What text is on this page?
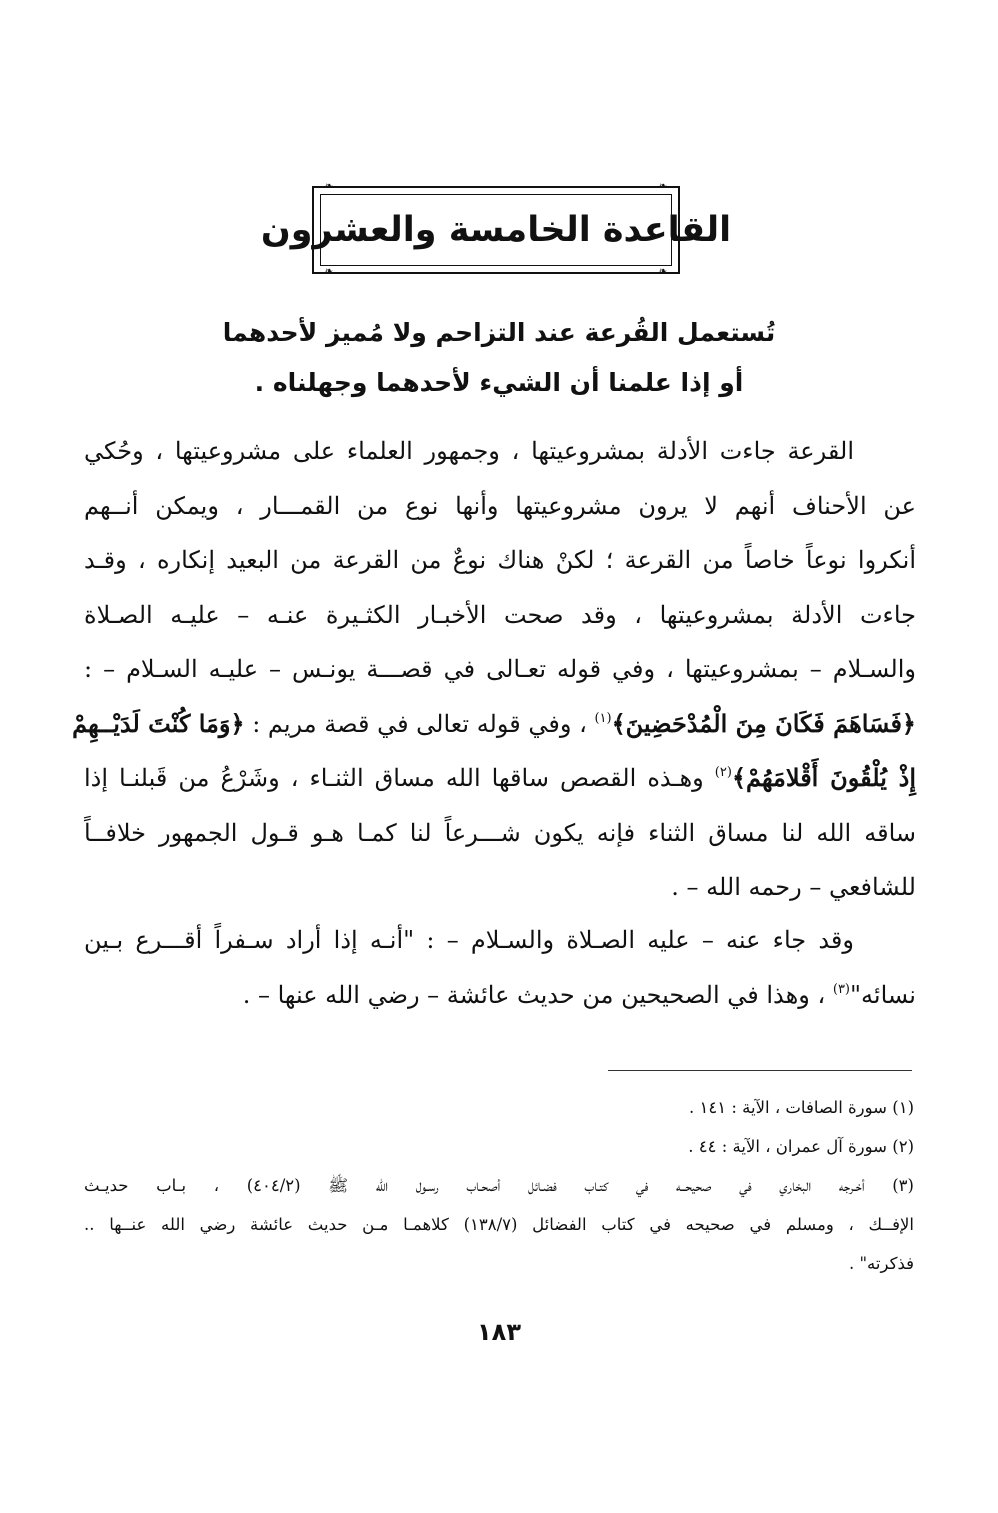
❧	❧
❧	❧
القاعدة الخامسة والعشرون
تُستعمل القُرعة عند التزاحم ولا مُميز لأحدهما
أو إذا علمنا أن الشيء لأحدهما وجهلناه .
القرعة جاءت الأدلة بمشروعيتها ، وجمهور العلماء على مشروعيتها ، وحُكي
عن الأحناف أنهم لا يرون مشروعيتها وأنها نوع من القمـــار ، ويمكن أنــهم
أنكروا نوعاً خاصاً من القرعة ؛ لكنْ هناك نوعٌ من القرعة من البعيد إنكاره ، وقـد
جاءت الأدلة بمشروعيتها ، وقد صحت الأخبـار الكثـيرة عنـه – عليـه الصـلاة
والسـلام – بمشروعيتها ، وفي قوله تعـالى في قصـــة يونـس – عليـه السـلام – :
﴿فَسَاهَمَ فَكَانَ مِنَ الْمُدْحَضِينَ﴾$^{(١)}$ ، وفي قوله تعالى في قصة مريم : ﴿وَمَا كُنْتَ لَدَيْــهِمْ
إِذْ يُلْقُونَ أَقْلامَهُمْ﴾$^{(٢)}$ وهـذه القصص ساقها الله مساق الثنـاء ، وشَرْعُ من قَبلنـا إذا
ساقه الله لنا مساق الثناء فإنه يكون شـــرعاً لنا كمـا هـو قـول الجمهور خلافــاً
للشافعي – رحمه الله – .
وقد جاء عنه – عليه الصـلاة والسـلام – : "أنـه إذا أراد سـفراً أقـــرع بـين
نسائه"$^{(٣)}$ ، وهذا في الصحيحين من حديث عائشة – رضي الله عنها – .
(١) سورة الصافات ، الآية : ١٤١ .
(٢) سورة آل عمران ، الآية : ٤٤ .
(٣) أخـرجه البخاري في صحيحــه في كتـاب فضـائل أصحـاب رسـول الله ﷺ (٤٠٤/٢) ، بـاب حديـث
الإفــك ، ومسلم في صحيحه في كتاب الفضائل (١٣٨/٧) كلاهمـا مـن حديث عائشة رضي الله عنــها ..
فذكرته" .
١٨٣
